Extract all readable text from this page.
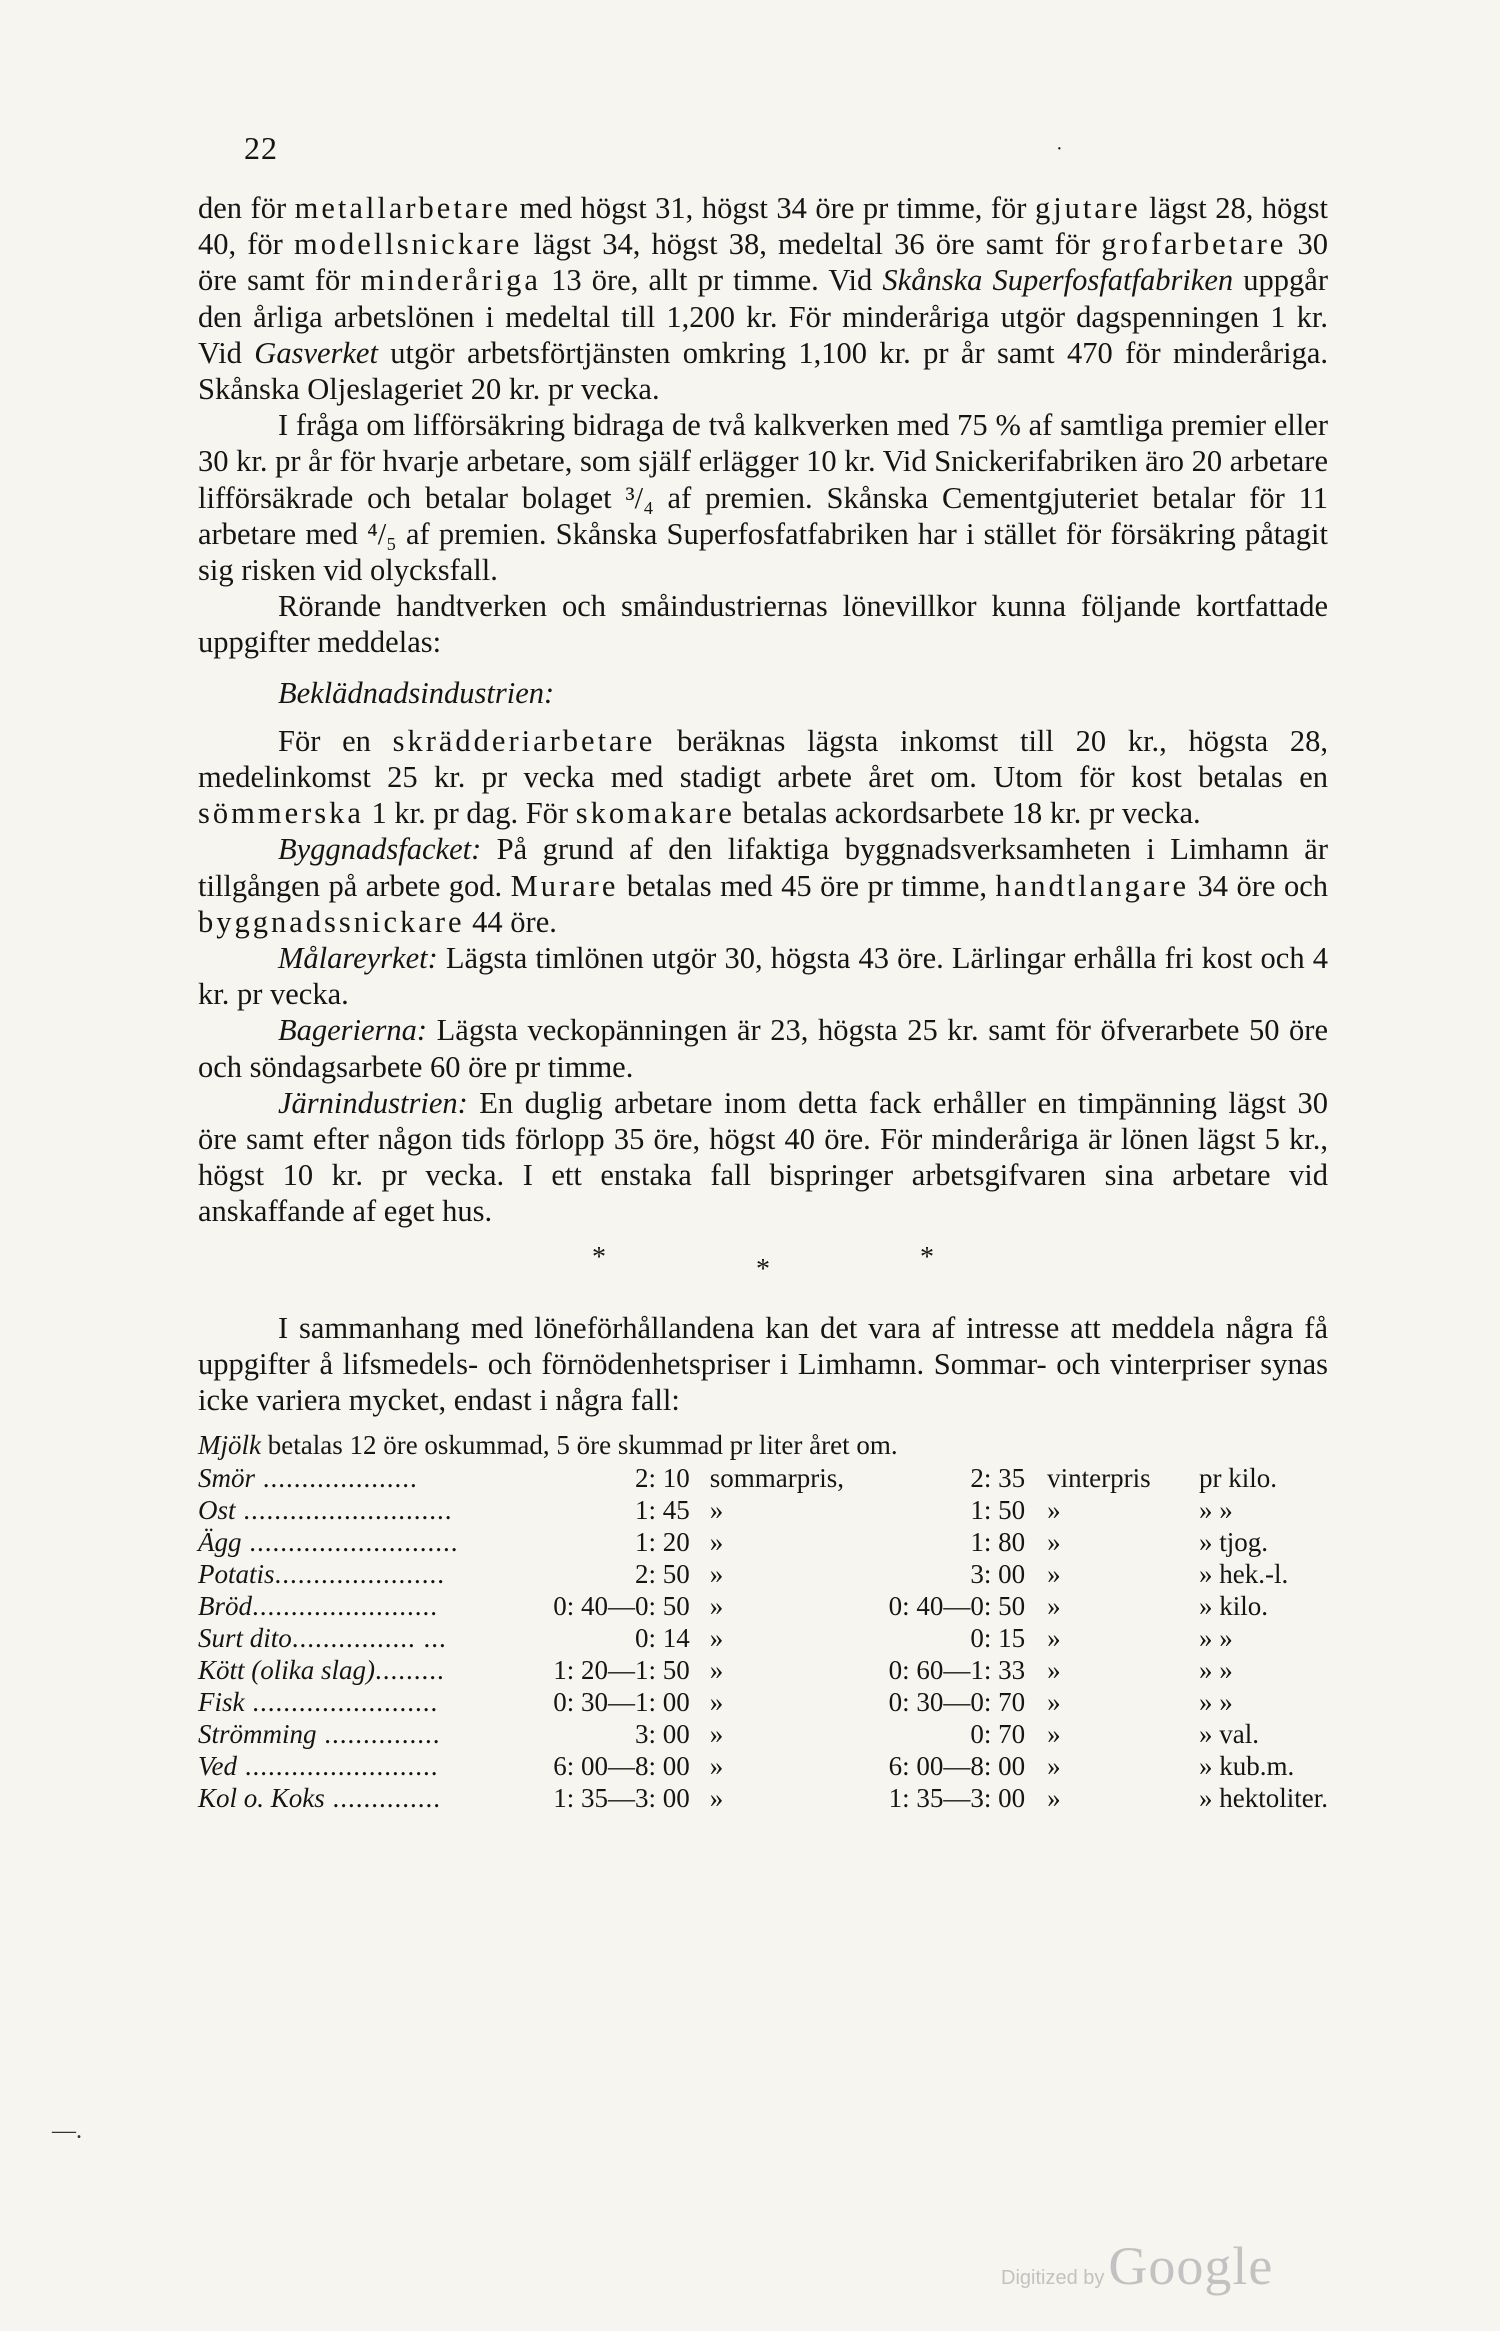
22	·

den för metallarbetare med högst 31, högst 34 öre pr timme, för gjutare lägst 28, högst 40, för modellsnickare lägst 34, högst 38, medeltal 36 öre samt för grofarbetare 30 öre samt för minderåriga 13 öre, allt pr timme. Vid Skånska Superfosfatfabriken uppgår den årliga arbetslönen i medeltal till 1,200 kr. För minderåriga utgör dagspenningen 1 kr. Vid Gasverket utgör arbetsförtjänsten omkring 1,100 kr. pr år samt 470 för minderåriga. Skånska Oljeslageriet 20 kr. pr vecka.

I fråga om lifförsäkring bidraga de två kalkverken med 75 % af samtliga premier eller 30 kr. pr år för hvarje arbetare, som själf erlägger 10 kr. Vid Snickerifabriken äro 20 arbetare lifförsäkrade och betalar bolaget ³/₄ af premien. Skånska Cementgjuteriet betalar för 11 arbetare med ⁴/₅ af premien. Skånska Superfosfatfabriken har i stället för försäkring påtagit sig risken vid olycksfall.

Rörande handtverken och småindustriernas lönevillkor kunna följande kortfattade uppgifter meddelas:

Beklädnadsindustrien:

För en skrädderiarbetare beräknas lägsta inkomst till 20 kr., högsta 28, medelinkomst 25 kr. pr vecka med stadigt arbete året om. Utom för kost betalas en sömmerska 1 kr. pr dag. För skomakare betalas ackordsarbete 18 kr. pr vecka.

Byggnadsfacket: På grund af den lifaktiga byggnadsverksamheten i Limhamn är tillgången på arbete god. Murare betalas med 45 öre pr timme, handtlangare 34 öre och byggnadssnickare 44 öre.

Målareyrket: Lägsta timlönen utgör 30, högsta 43 öre. Lärlingar erhålla fri kost och 4 kr. pr vecka.

Bagerierna: Lägsta veckopänningen är 23, högsta 25 kr. samt för öfverarbete 50 öre och söndagsarbete 60 öre pr timme.

Järnindustrien: En duglig arbetare inom detta fack erhåller en timpänning lägst 30 öre samt efter någon tids förlopp 35 öre, högst 40 öre. För minderåriga är lönen lägst 5 kr., högst 10 kr. pr vecka. I ett enstaka fall bispringer arbetsgifvaren sina arbetare vid anskaffande af eget hus.

*	*	*

I sammanhang med löneförhållandena kan det vara af intresse att meddela några få uppgifter å lifsmedels- och förnödenhetspriser i Limhamn. Sommar- och vinterpriser synas icke variera mycket, endast i några fall:

Mjölk betalas 12 öre oskummad, 5 öre skummad pr liter året om.
Smör ....................	2: 10	sommarpris,	2: 35	vinterpris	pr kilo.
Ost ...........................	1: 45	»	1: 50	»	» »
Ägg ...........................	1: 20	»	1: 80	»	» tjog.
Potatis......................	2: 50	»	3: 00	»	» hek.-l.
Bröd........................	0: 40—0: 50	»	0: 40—0: 50	»	» kilo.
Surt dito................ ...	0: 14	»	0: 15	»	» »
Kött (olika slag).........	1: 20—1: 50	»	0: 60—1: 33	»	» »
Fisk ........................	0: 30—1: 00	»	0: 30—0: 70	»	» »
Strömming ...............	3: 00	»	0: 70	»	» val.
Ved .........................	6: 00—8: 00	»	6: 00—8: 00	»	» kub.m.
Kol o. Koks ..............	1: 35—3: 00	»	1: 35—3: 00	»	» hektoliter.
—.
Digitized by Google
